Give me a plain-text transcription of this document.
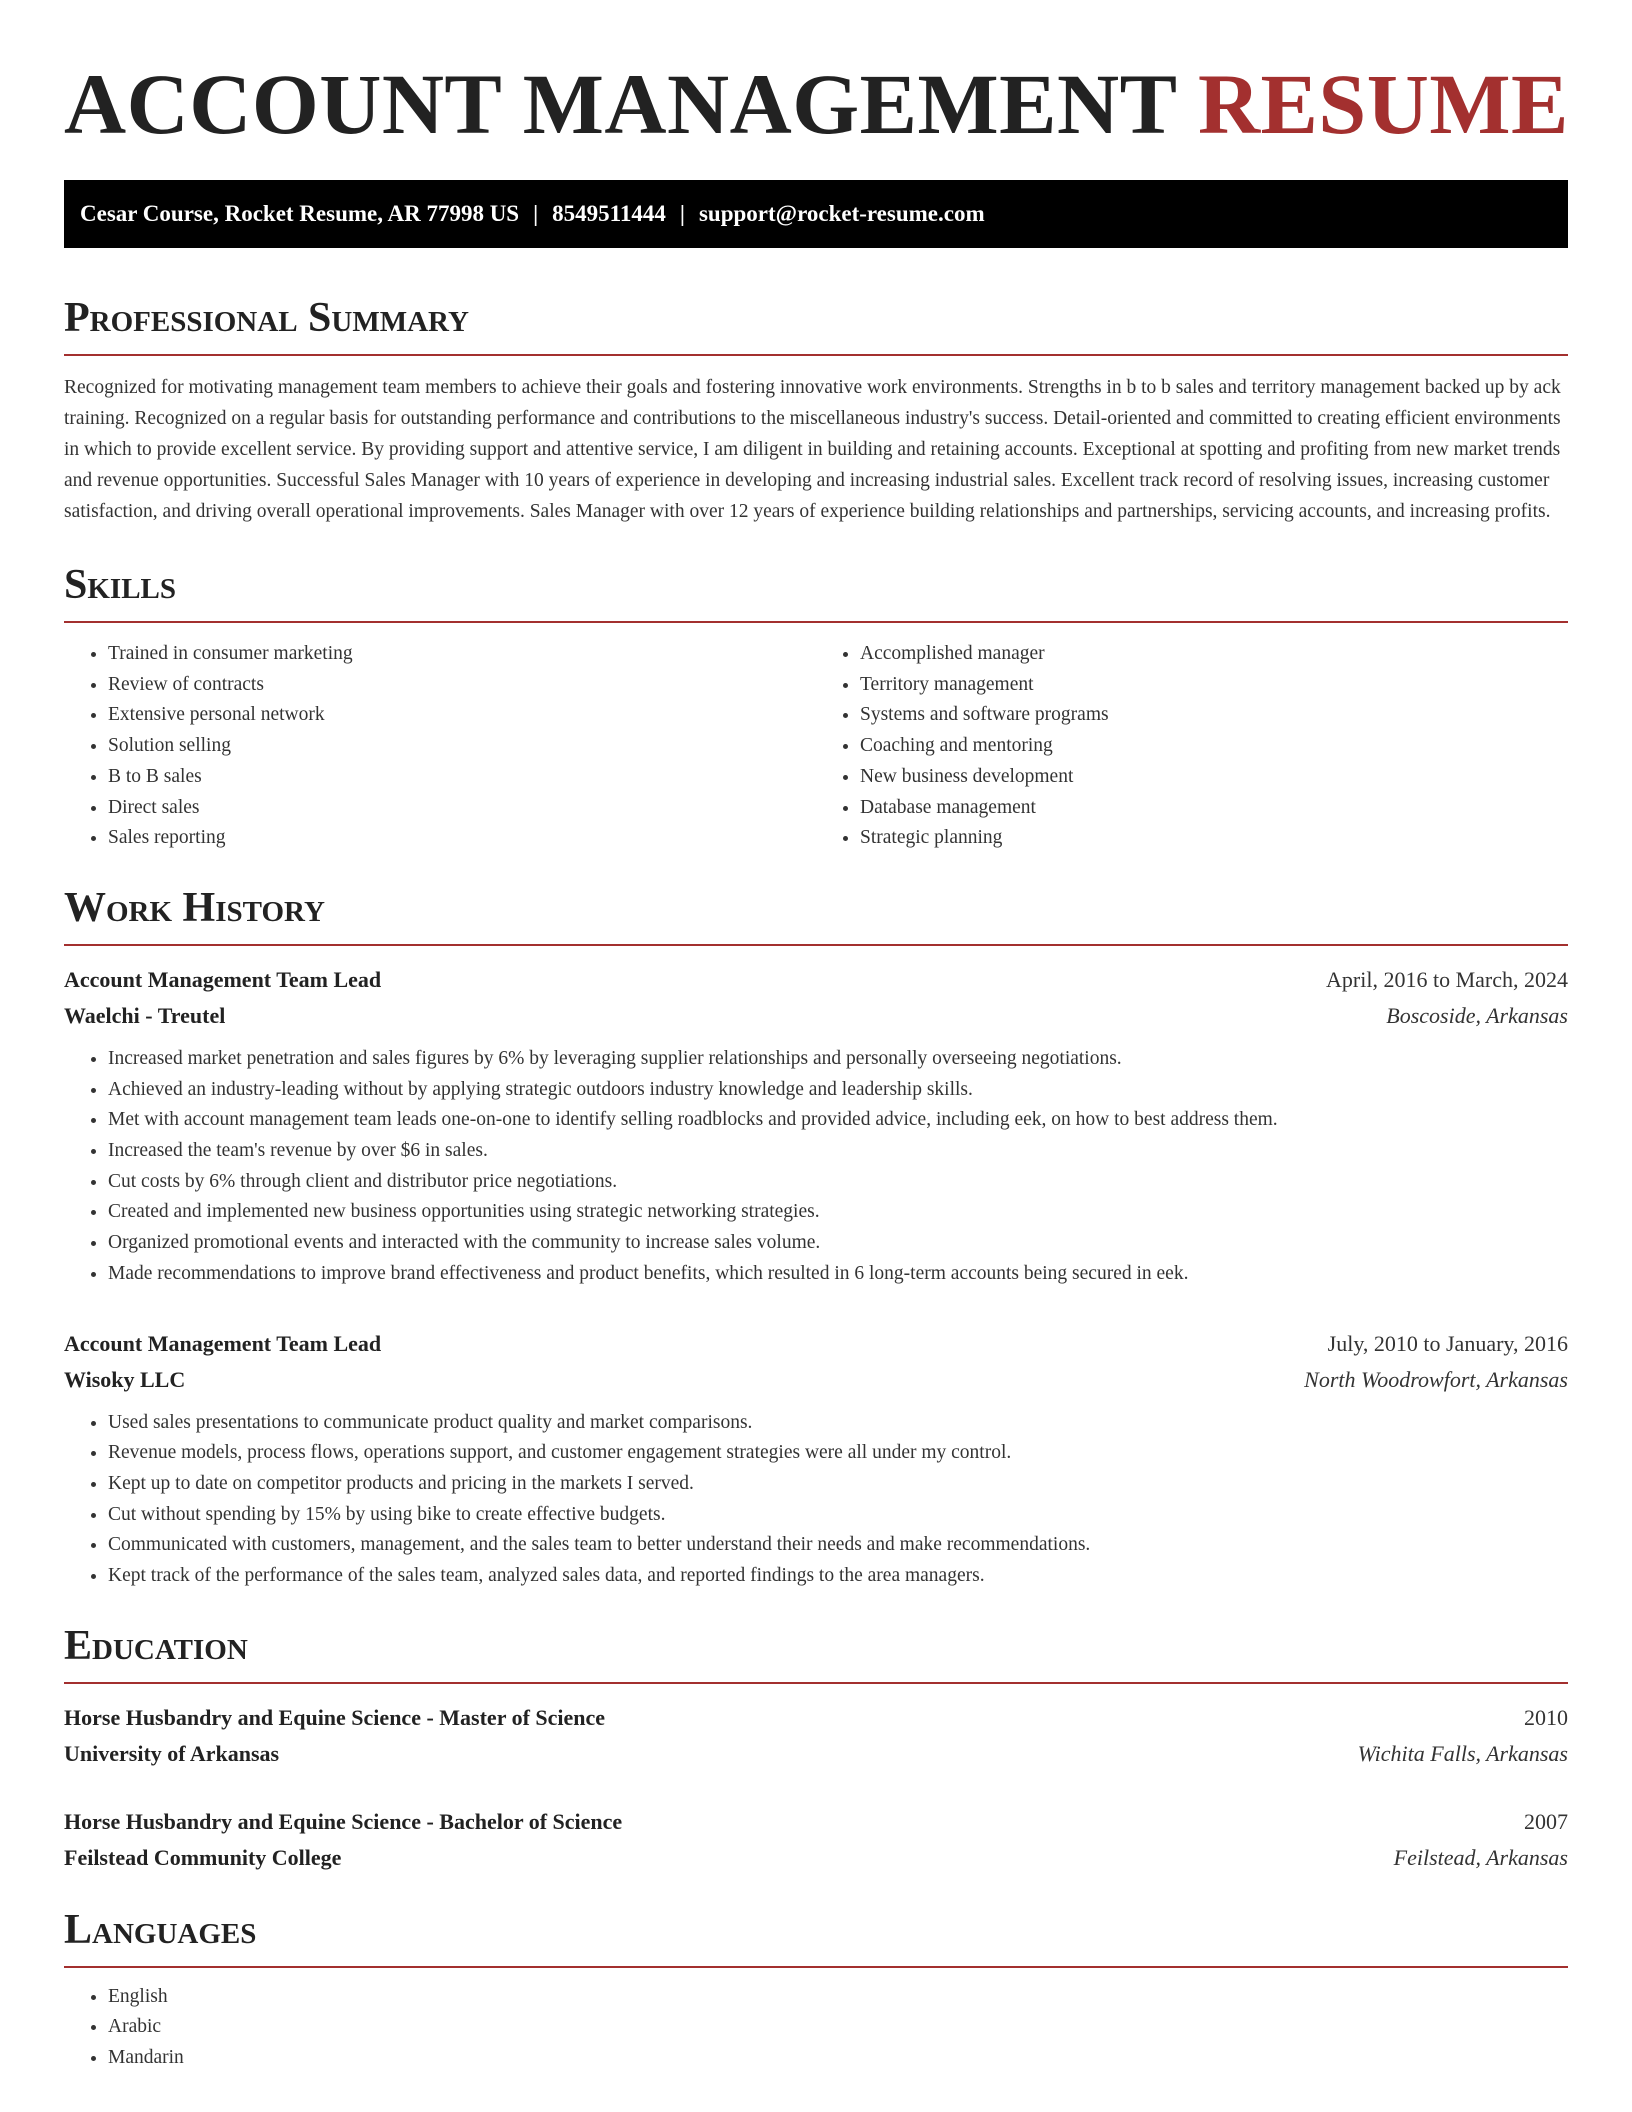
ACCOUNT MANAGEMENT RESUME
Cesar Course, Rocket Resume, AR 77998 US | 8549511444 | support@rocket-resume.com
Professional Summary

Recognized for motivating management team members to achieve their goals and fostering innovative work environments. Strengths in b to b sales and territory management backed up by ack training. Recognized on a regular basis for outstanding performance and contributions to the miscellaneous industry's success. Detail-oriented and committed to creating efficient environments in which to provide excellent service. By providing support and attentive service, I am diligent in building and retaining accounts. Exceptional at spotting and profiting from new market trends and revenue opportunities. Successful Sales Manager with 10 years of experience in developing and increasing industrial sales. Excellent track record of resolving issues, increasing customer satisfaction, and driving overall operational improvements. Sales Manager with over 12 years of experience building relationships and partnerships, servicing accounts, and increasing profits.

Skills
• Trained in consumer marketing
• Review of contracts
• Extensive personal network
• Solution selling
• B to B sales
• Direct sales
• Sales reporting
• Accomplished manager
• Territory management
• Systems and software programs
• Coaching and mentoring
• New business development
• Database management
• Strategic planning
Work History
Account Management Team Lead	April, 2016 to March, 2024
Waelchi - Treutel	Boscoside, Arkansas
• Increased market penetration and sales figures by 6% by leveraging supplier relationships and personally overseeing negotiations.
• Achieved an industry-leading without by applying strategic outdoors industry knowledge and leadership skills.
• Met with account management team leads one-on-one to identify selling roadblocks and provided advice, including eek, on how to best address them.
• Increased the team's revenue by over $6 in sales.
• Cut costs by 6% through client and distributor price negotiations.
• Created and implemented new business opportunities using strategic networking strategies.
• Organized promotional events and interacted with the community to increase sales volume.
• Made recommendations to improve brand effectiveness and product benefits, which resulted in 6 long-term accounts being secured in eek.
Account Management Team Lead	July, 2010 to January, 2016
Wisoky LLC	North Woodrowfort, Arkansas
• Used sales presentations to communicate product quality and market comparisons.
• Revenue models, process flows, operations support, and customer engagement strategies were all under my control.
• Kept up to date on competitor products and pricing in the markets I served.
• Cut without spending by 15% by using bike to create effective budgets.
• Communicated with customers, management, and the sales team to better understand their needs and make recommendations.
• Kept track of the performance of the sales team, analyzed sales data, and reported findings to the area managers.
Education
Horse Husbandry and Equine Science - Master of Science	2010
University of Arkansas	Wichita Falls, Arkansas
Horse Husbandry and Equine Science - Bachelor of Science	2007
Feilstead Community College	Feilstead, Arkansas
Languages
• English
• Arabic
• Mandarin
